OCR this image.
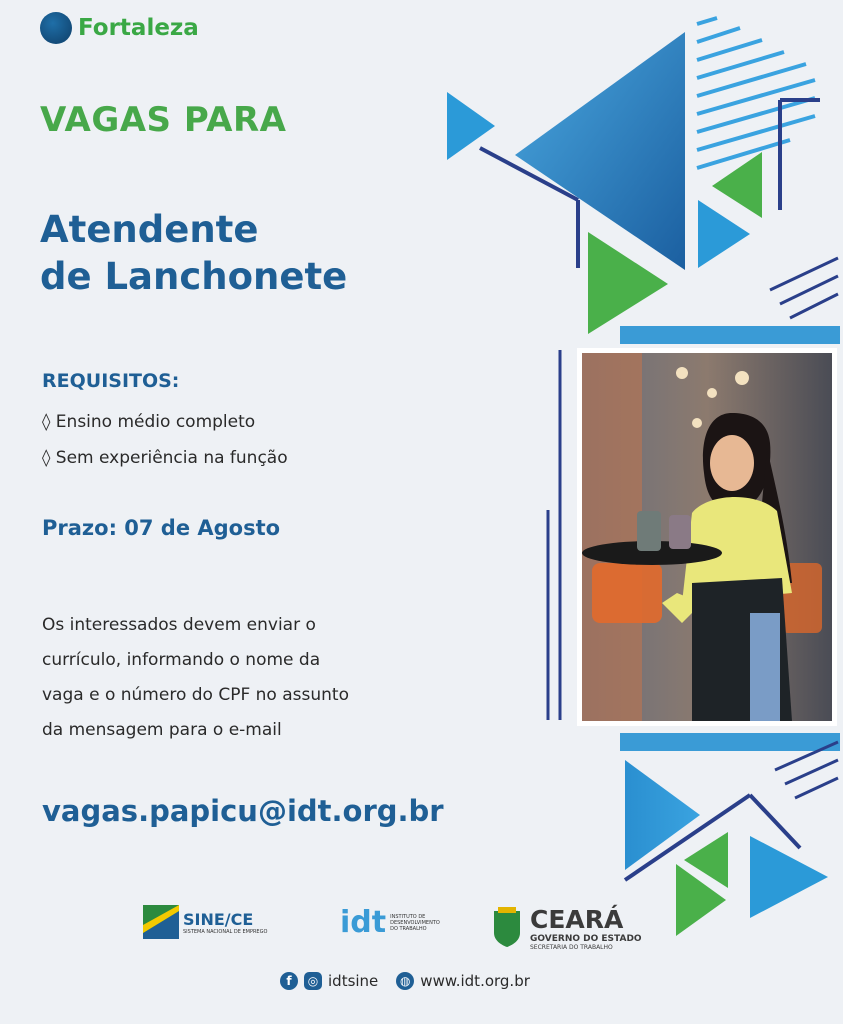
Fortaleza
VAGAS PARA
Atendente
de Lanchonete
REQUISITOS:
◊ Ensino médio completo
◊ Sem experiência na função
Prazo: 07 de Agosto
Os interessados devem enviar o
currículo, informando o nome da
vaga e o número do CPF no assunto
da mensagem para o e-mail
vagas.papicu@idt.org.br
SINE/CE
SISTEMA NACIONAL DE EMPREGO idt INSTITUTO DE DESENVOLVIMENTO DO TRABALHO	CEARÁ
GOVERNO DO ESTADO
SECRETARIA DO TRABALHO
f	◎ idtsine	◍ www.idt.org.br
